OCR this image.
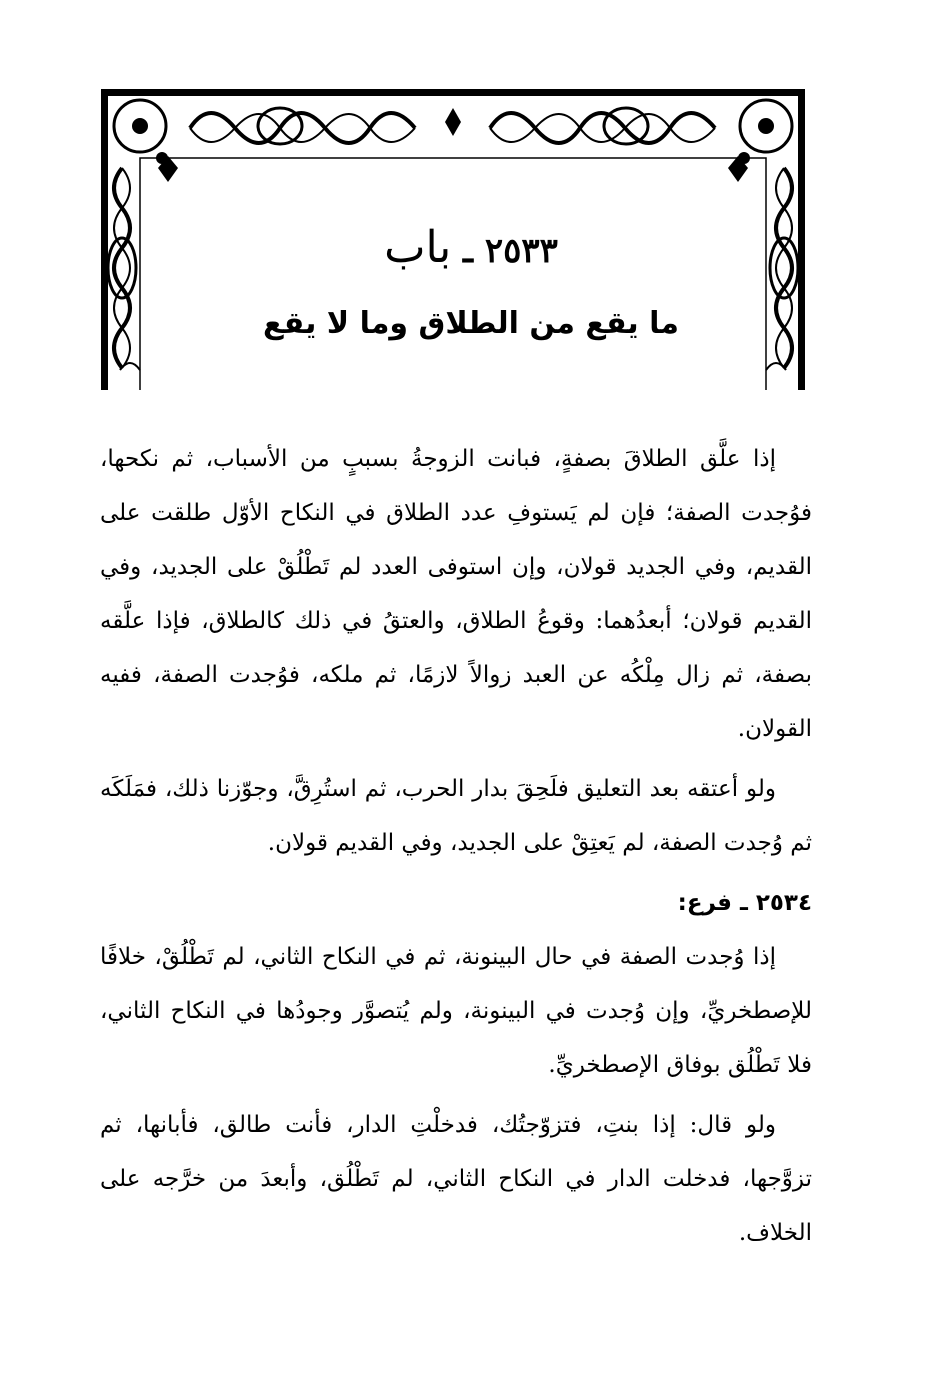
٢٥٣٣ ـ باب
ما يقع من الطلاق وما لا يقع

إذا علَّق الطلاقَ بصفةٍ، فبانت الزوجةُ بسببٍ من الأسباب، ثم نكحها، فوُجدت الصفة؛ فإن لم يَستوفِ عدد الطلاق في النكاح الأوّل طلقت على القديم، وفي الجديد قولان، وإن استوفى العدد لم تَطْلُقْ على الجديد، وفي القديم قولان؛ أبعدُهما: وقوعُ الطلاق، والعتقُ في ذلك كالطلاق، فإذا علَّقه بصفة، ثم زال مِلْكُه عن العبد زوالاً لازمًا، ثم ملكه، فوُجدت الصفة، ففيه القولان.

ولو أعتقه بعد التعليق فلَحِقَ بدار الحرب، ثم استُرِقَّ، وجوّزنا ذلك، فمَلَكَه ثم وُجدت الصفة، لم يَعتِقْ على الجديد، وفي القديم قولان.

٢٥٣٤ ـ فرع:

إذا وُجدت الصفة في حال البينونة، ثم في النكاح الثاني، لم تَطْلُقْ، خلافًا للإصطخريِّ، وإن وُجدت في البينونة، ولم يُتصوَّر وجودُها في النكاح الثاني، فلا تَطْلُق بوفاق الإصطخريِّ.

ولو قال: إذا بنتِ، فتزوّجتُك، فدخلْتِ الدار، فأنت طالق، فأبانها، ثم تزوَّجها، فدخلت الدار في النكاح الثاني، لم تَطْلُق، وأبعدَ من خرَّجه على الخلاف.
